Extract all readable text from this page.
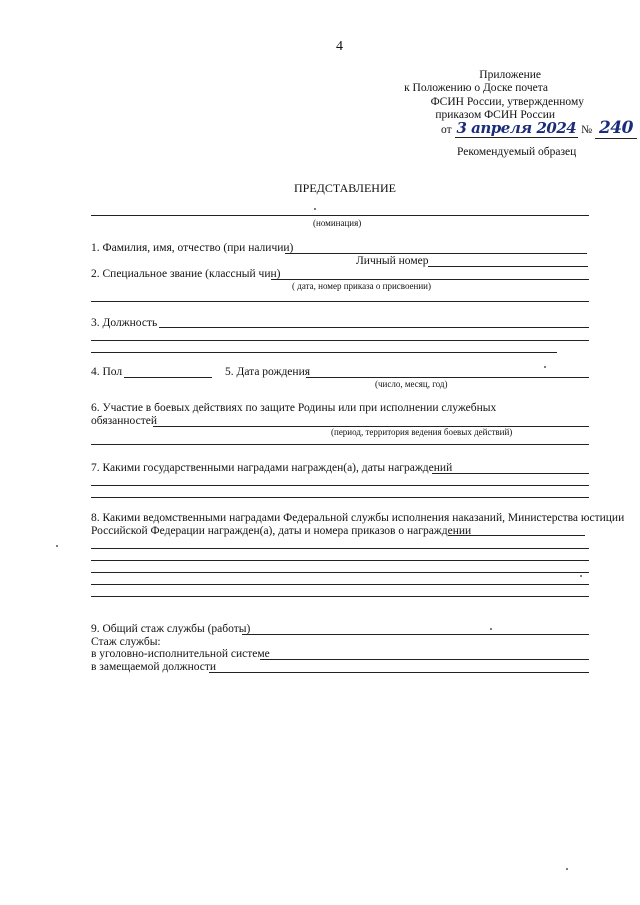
4
Приложение
к Положению о Доске почета
ФСИН России, утвержденному
приказом ФСИН России
от 3 апреля 2024 № 240
Рекомендуемый образец
ПРЕДСТАВЛЕНИЕ
(номинация)
1. Фамилия, имя, отчество (при наличии)
Личный номер
2. Специальное звание (классный чин)
( дата, номер приказа о присвоении)
3. Должность
4. Пол	5. Дата рождения
(число, месяц, год)
6. Участие в боевых действиях по защите Родины или при исполнении служебных
обязанностей
(период, территория ведения боевых действий)
7. Какими государственными наградами награжден(а), даты награждений
8. Какими ведомственными наградами Федеральной службы исполнения наказаний, Министерства юстиции
Российской Федерации награжден(а), даты и номера приказов о награждении
9. Общий стаж службы (работы)
Стаж службы:
в уголовно-исполнительной системе
в замещаемой должности
